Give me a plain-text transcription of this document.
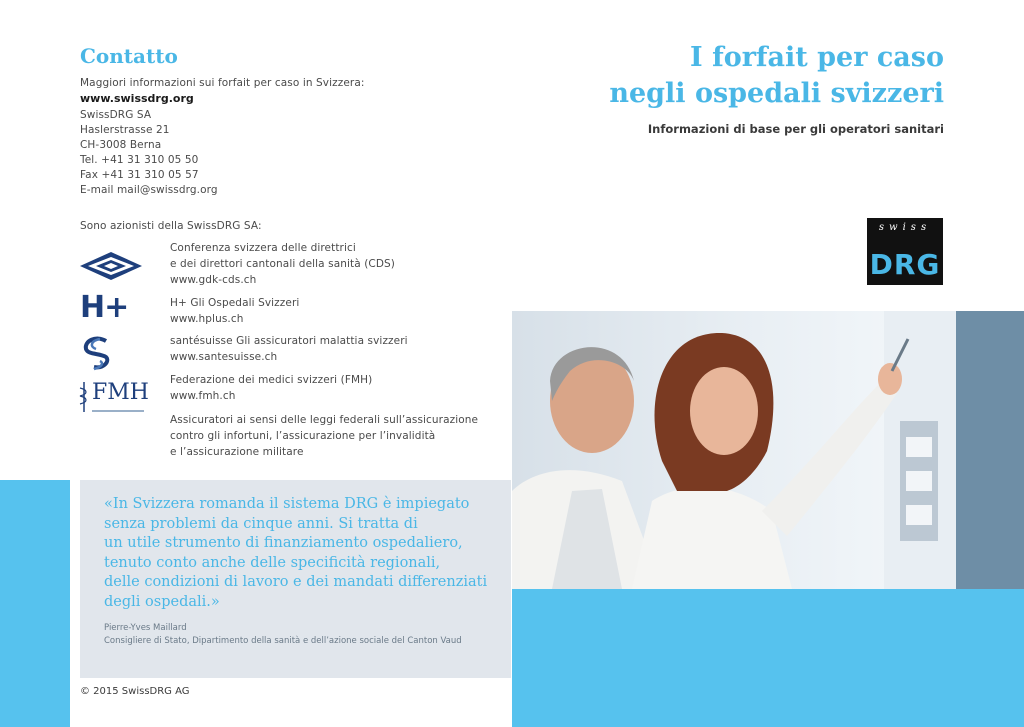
Contatto
Maggiori informazioni sui forfait per caso in Svizzera:
www.swissdrg.org
SwissDRG SA
Haslerstrasse 21
CH-3008 Berna
Tel. +41 31 310 05 50
Fax +41 31 310 05 57
E-mail mail@swissdrg.org
Sono azionisti della SwissDRG SA:
Conferenza svizzera delle direttrici
e dei direttori cantonali della sanità (CDS)
www.gdk-cds.ch
H+	H+ Gli Ospedali Svizzeri
www.hplus.ch
santésuisse Gli assicuratori malattia svizzeri
www.santesuisse.ch
FMH Federazione dei medici svizzeri (FMH)
www.fmh.ch
Assicuratori ai sensi delle leggi federali sull’assicurazione
contro gli infortuni, l’assicurazione per l’invalidità
e l’assicurazione militare
«In Svizzera romanda il sistema DRG è impiegato
senza problemi da cinque anni. Si tratta di
un utile strumento di finanziamento ospedaliero,
tenuto conto anche delle specificità regionali,
delle condizioni di lavoro e dei mandati differenziati
degli ospedali.»
Pierre-Yves Maillard
Consigliere di Stato, Dipartimento della sanità e dell’azione sociale del Canton Vaud
© 2015 SwissDRG AG
I forfait per caso
negli ospedali svizzeri
Informazioni di base per gli operatori sanitari
swiss
DRG
